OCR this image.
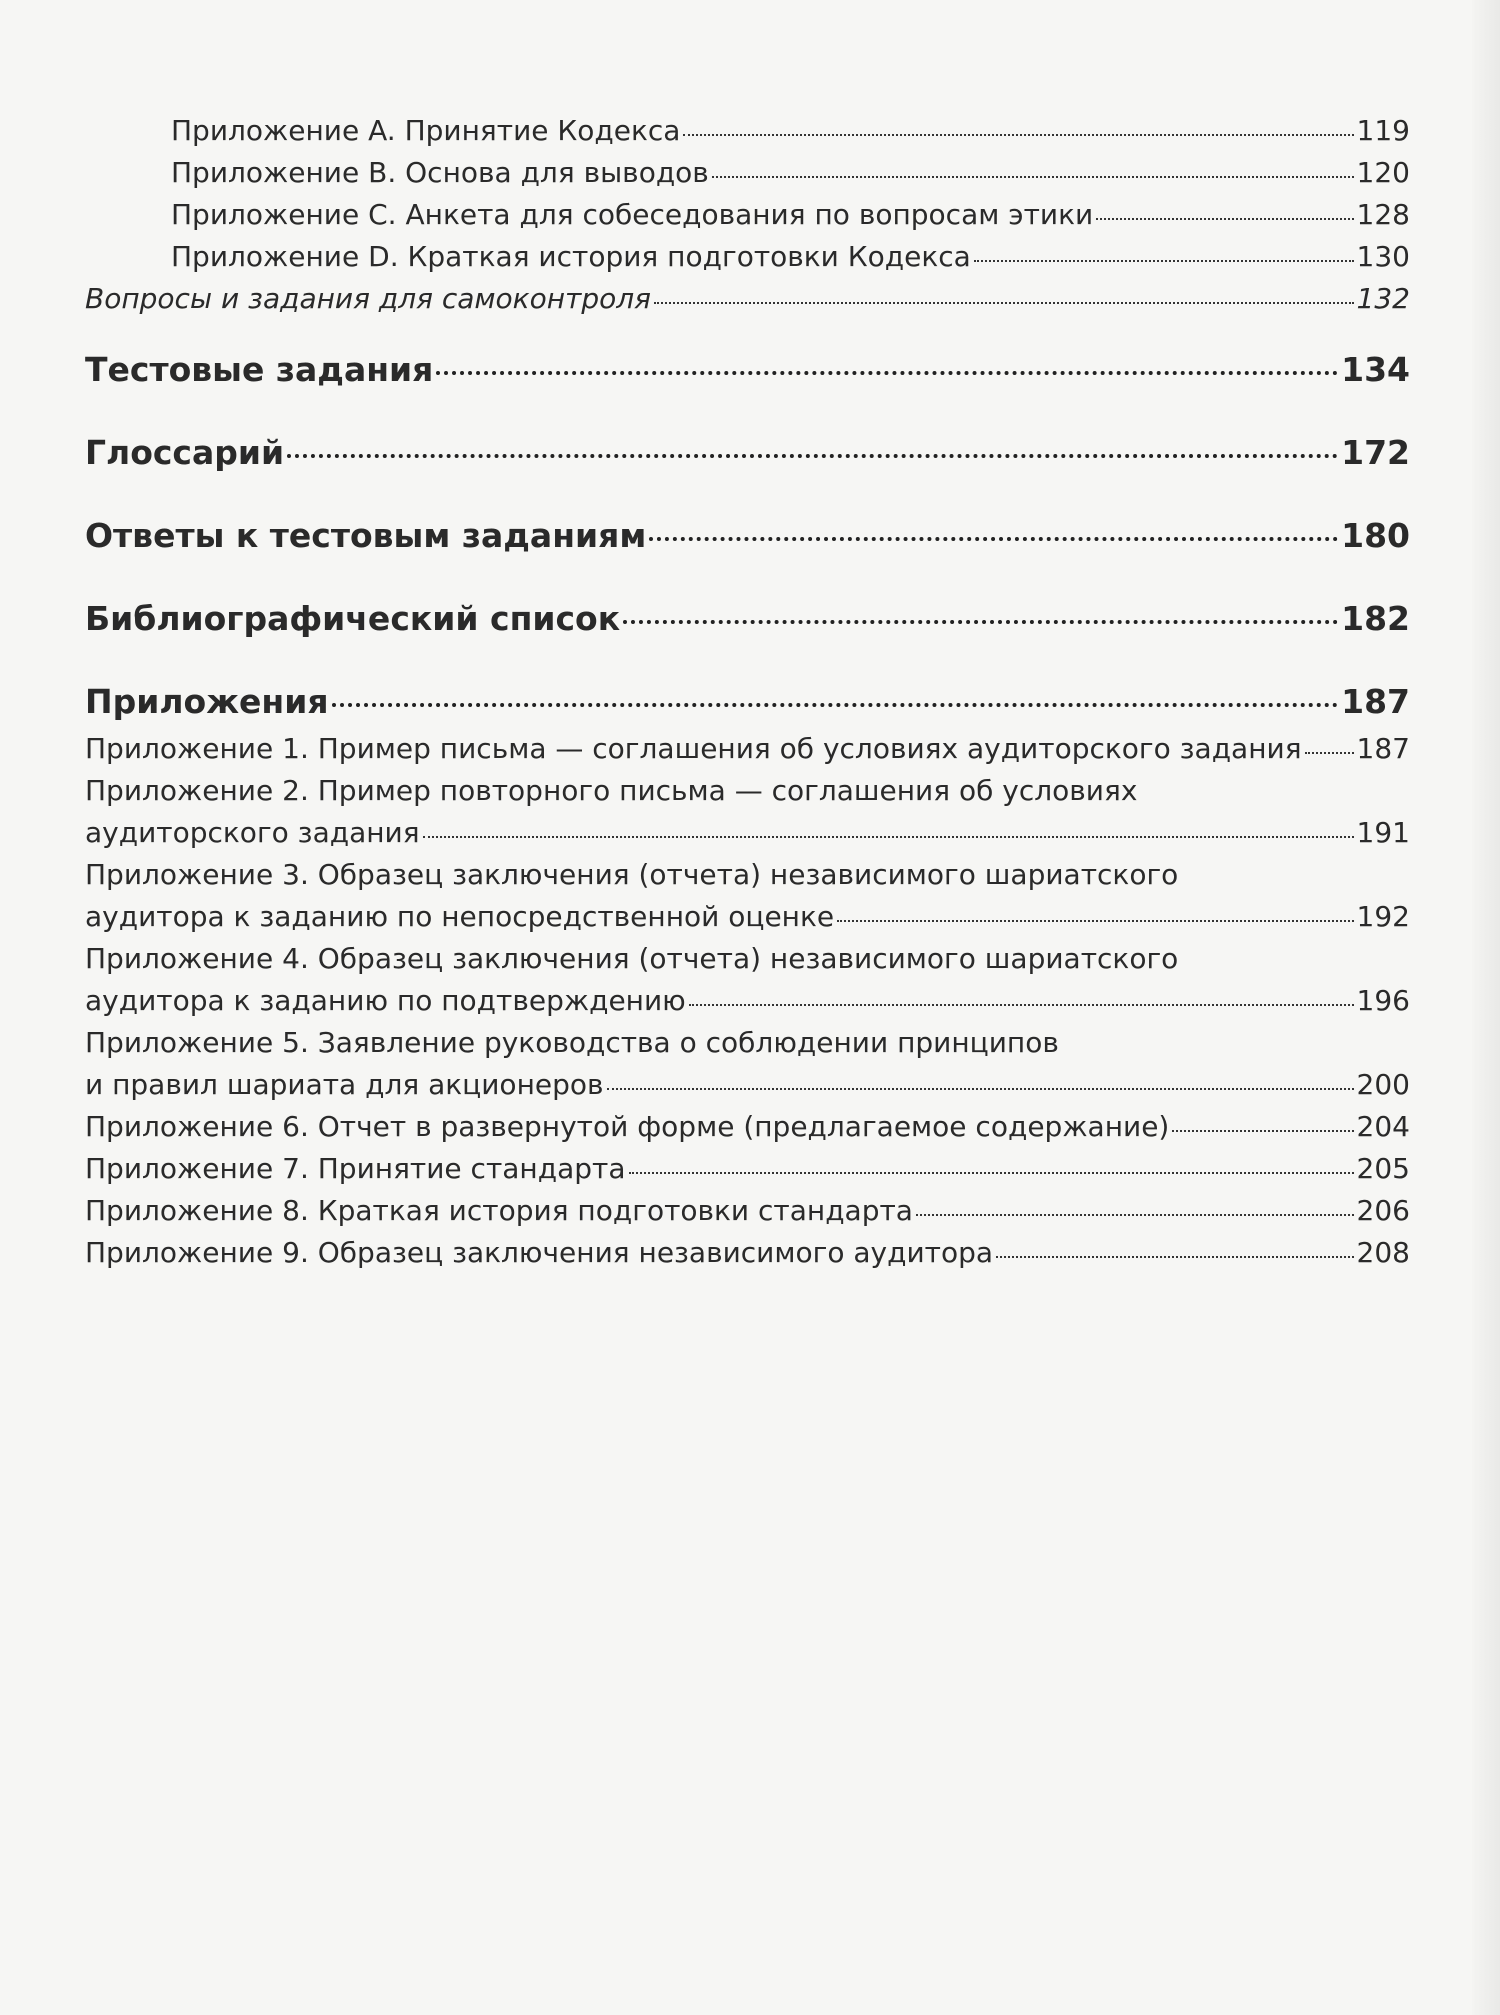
Приложение A. Принятие Кодекса	119
Приложение B. Основа для выводов	120
Приложение C. Анкета для собеседования по вопросам этики	128
Приложение D. Краткая история подготовки Кодекса	130
Вопросы и задания для самоконтроля	132
Тестовые задания	134
Глоссарий	172
Ответы к тестовым заданиям	180
Библиографический список	182
Приложения	187
Приложение 1. Пример письма — соглашения об условиях аудиторского задания 187
Приложение 2. Пример повторного письма — соглашения об условиях
аудиторского задания	191
Приложение 3. Образец заключения (отчета) независимого шариатского
аудитора к заданию по непосредственной оценке	192
Приложение 4. Образец заключения (отчета) независимого шариатского
аудитора к заданию по подтверждению	196
Приложение 5. Заявление руководства о соблюдении принципов
и правил шариата для акционеров	200
Приложение 6. Отчет в развернутой форме (предлагаемое содержание)	204
Приложение 7. Принятие стандарта	205
Приложение 8. Краткая история подготовки стандарта	206
Приложение 9. Образец заключения независимого аудитора	208
